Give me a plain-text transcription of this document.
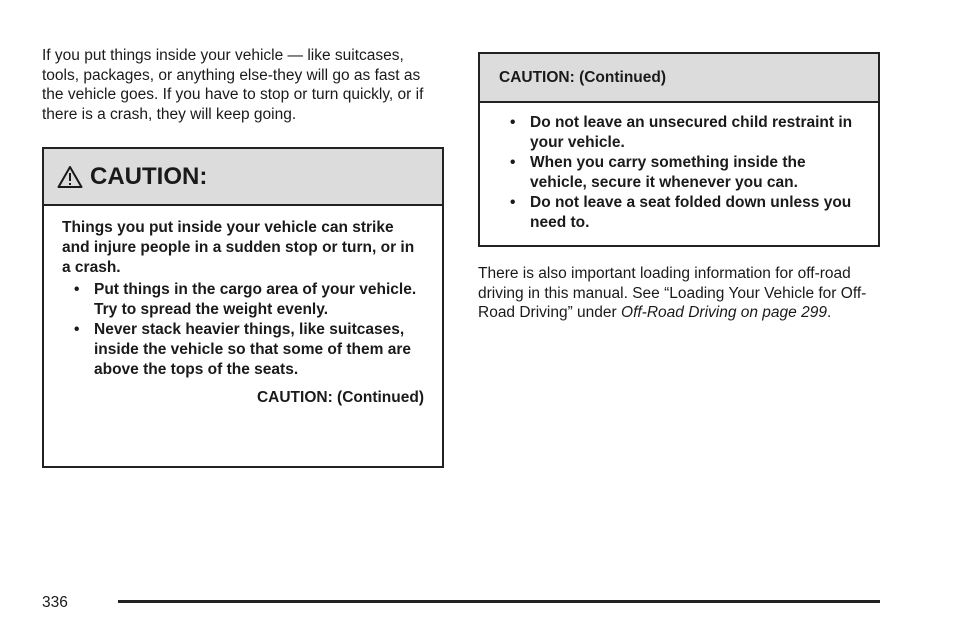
If you put things inside your vehicle — like suitcases, tools, packages, or anything else-they will go as fast as the vehicle goes. If you have to stop or turn quickly, or if there is a crash, they will keep going.

CAUTION:

Things you put inside your vehicle can strike and injure people in a sudden stop or turn, or in a crash.

• Put things in the cargo area of your vehicle. Try to spread the weight evenly.
• Never stack heavier things, like suitcases, inside the vehicle so that some of them are above the tops of the seats.
CAUTION: (Continued)
CAUTION: (Continued)
• Do not leave an unsecured child restraint in your vehicle.
• When you carry something inside the vehicle, secure it whenever you can.
• Do not leave a seat folded down unless you need to.

There is also important loading information for off-road driving in this manual. See “Loading Your Vehicle for Off-Road Driving” under Off-Road Driving on page 299.

336
